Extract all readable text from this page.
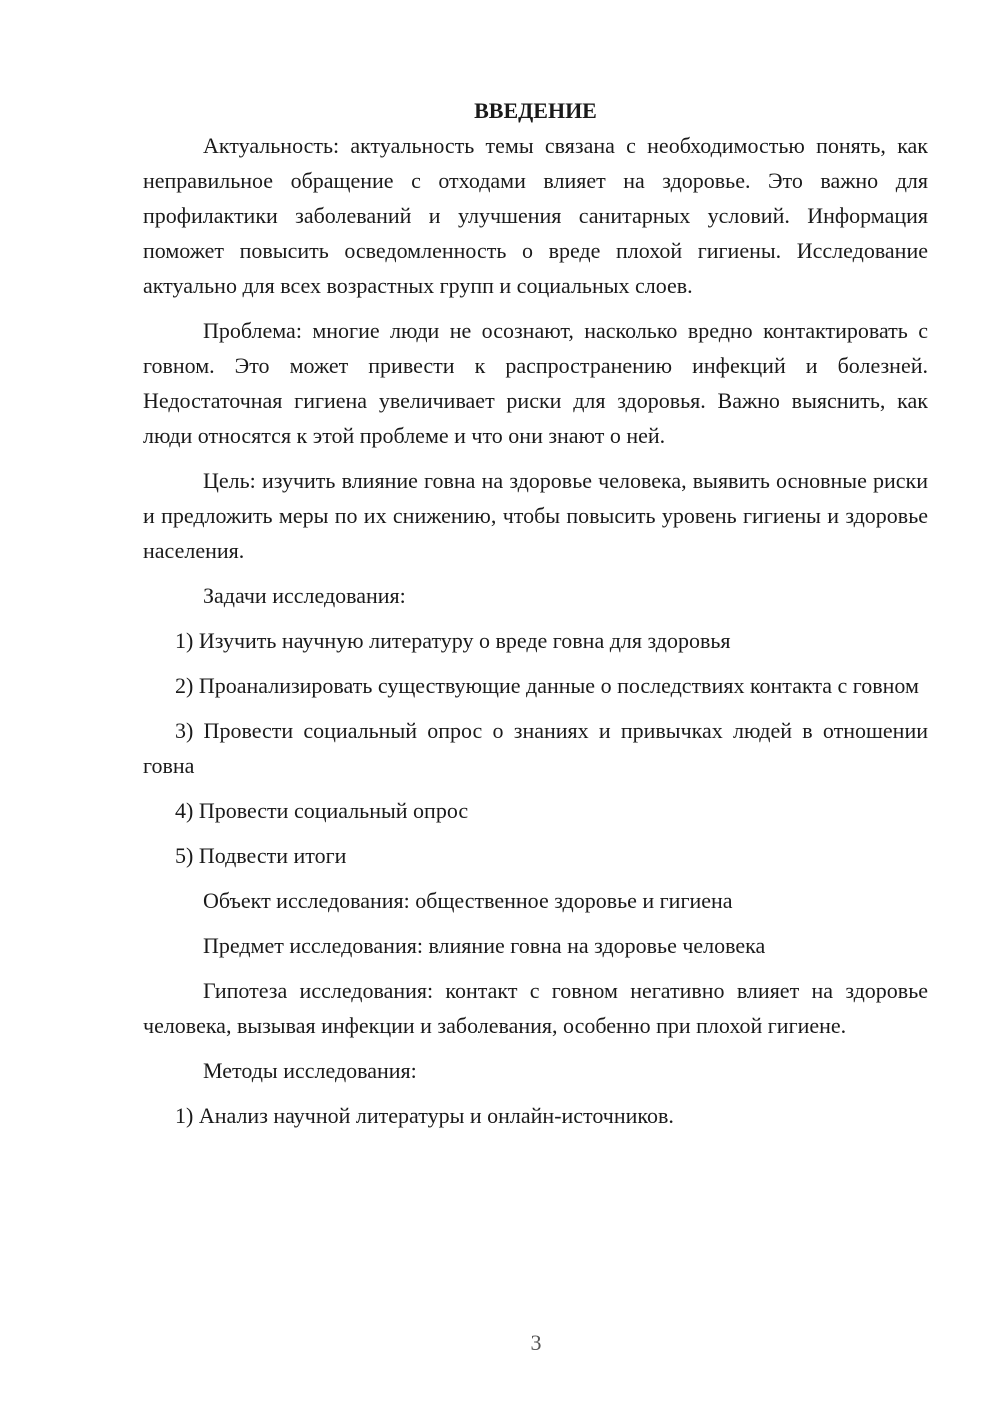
ВВЕДЕНИЕ

Актуальность: актуальность темы связана с необходимостью понять, как неправильное обращение с отходами влияет на здоровье. Это важно для профилактики заболеваний и улучшения санитарных условий. Информация поможет повысить осведомленность о вреде плохой гигиены. Исследование актуально для всех возрастных групп и социальных слоев.

Проблема: многие люди не осознают, насколько вредно контактировать с говном. Это может привести к распространению инфекций и болезней. Недостаточная гигиена увеличивает риски для здоровья. Важно выяснить, как люди относятся к этой проблеме и что они знают о ней.

Цель: изучить влияние говна на здоровье человека, выявить основные риски и предложить меры по их снижению, чтобы повысить уровень гигиены и здоровье населения.

Задачи исследования:

1) Изучить научную литературу о вреде говна для здоровья

2) Проанализировать существующие данные о последствиях контакта с говном

3) Провести социальный опрос о знаниях и привычках людей в отношении говна

4) Провести социальный опрос

5) Подвести итоги

Объект исследования: общественное здоровье и гигиена

Предмет исследования: влияние говна на здоровье человека

Гипотеза исследования: контакт с говном негативно влияет на здоровье человека, вызывая инфекции и заболевания, особенно при плохой гигиене.

Методы исследования:

1) Анализ научной литературы и онлайн-источников.

3
